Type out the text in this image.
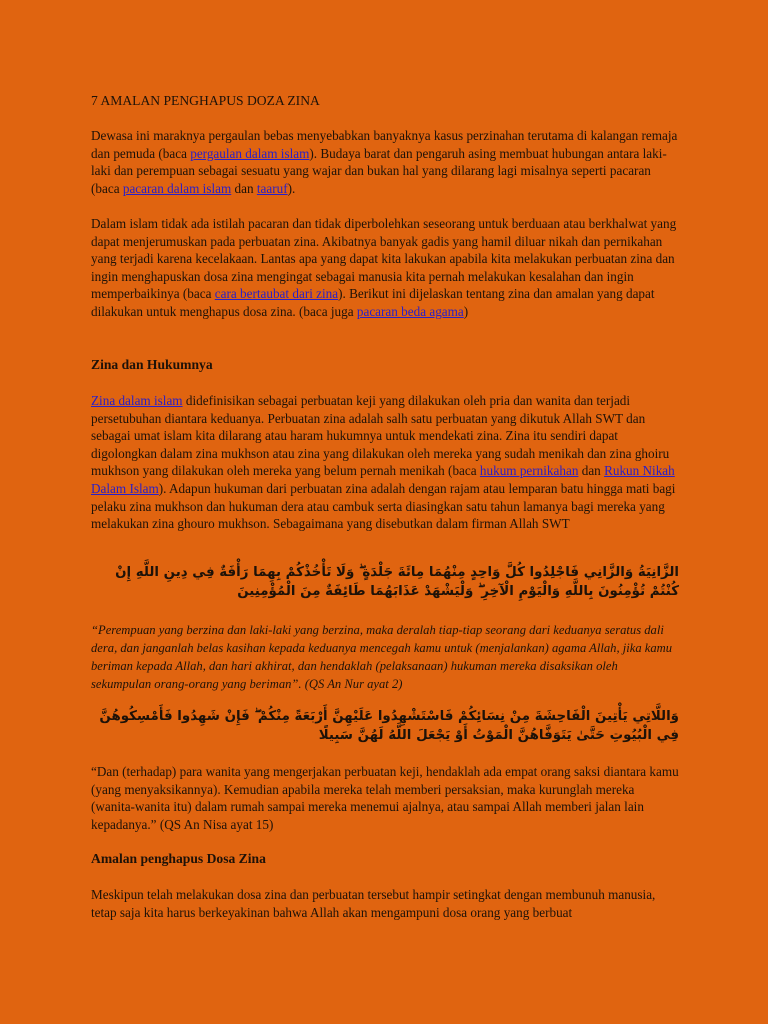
7 AMALAN PENGHAPUS DOZA ZINA
Dewasa ini maraknya pergaulan bebas menyebabkan banyaknya kasus perzinahan terutama di kalangan remaja dan pemuda (baca pergaulan dalam islam). Budaya barat dan pengaruh asing membuat hubungan antara laki-laki dan perempuan sebagai sesuatu yang wajar dan bukan hal yang dilarang lagi misalnya seperti pacaran (baca pacaran dalam islam dan taaruf).
Dalam islam tidak ada istilah pacaran dan tidak diperbolehkan seseorang untuk berduaan atau berkhalwat yang dapat menjerumuskan pada perbuatan zina. Akibatnya banyak gadis yang hamil diluar nikah dan pernikahan yang terjadi karena kecelakaan. Lantas apa yang dapat kita lakukan apabila kita melakukan perbuatan zina dan ingin menghapuskan dosa zina mengingat sebagai manusia kita pernah melakukan kesalahan dan ingin memperbaikinya (baca cara bertaubat dari zina). Berikut ini dijelaskan tentang zina dan amalan yang dapat dilakukan untuk menghapus dosa zina. (baca juga pacaran beda agama)
Zina dan Hukumnya
Zina dalam islam didefinisikan sebagai perbuatan keji yang dilakukan oleh pria dan wanita dan terjadi persetubuhan diantara keduanya. Perbuatan zina adalah salh satu perbuatan yang dikutuk Allah SWT dan sebagai umat islam kita dilarang atau haram hukumnya untuk mendekati zina. Zina itu sendiri dapat digolongkan dalam zina mukhson atau zina yang dilakukan oleh mereka yang sudah menikah dan zina ghoiru mukhson yang dilakukan oleh mereka yang belum pernah menikah (baca hukum pernikahan dan Rukun Nikah Dalam Islam). Adapun hukuman dari perbuatan zina adalah dengan rajam atau lemparan batu hingga mati bagi pelaku zina mukhson dan hukuman dera atau cambuk serta diasingkan satu tahun lamanya bagi mereka yang melakukan zina ghouro mukhson. Sebagaimana yang disebutkan dalam firman Allah SWT
الزَّانِيَةُ وَالزَّانِي فَاجْلِدُوا كُلَّ وَاحِدٍ مِنْهُمَا مِائَةَ جَلْدَةٍ ۖ وَلَا تَأْخُذْكُمْ بِهِمَا رَأْفَةٌ فِي دِينِ اللَّهِ إِنْ كُنْتُمْ تُؤْمِنُونَ بِاللَّهِ وَالْيَوْمِ الْآخِرِ ۖ وَلْيَشْهَدْ عَذَابَهُمَا طَائِفَةٌ مِنَ الْمُؤْمِنِينَ
“Perempuan yang berzina dan laki-laki yang berzina, maka deralah tiap-tiap seorang dari keduanya seratus dali dera, dan janganlah belas kasihan kepada keduanya mencegah kamu untuk (menjalankan) agama Allah, jika kamu beriman kepada Allah, dan hari akhirat, dan hendaklah (pelaksanaan) hukuman mereka disaksikan oleh sekumpulan orang-orang yang beriman”. (QS An Nur ayat 2)
وَاللَّاتِي يَأْتِينَ الْفَاحِشَةَ مِنْ نِسَائِكُمْ فَاسْتَشْهِدُوا عَلَيْهِنَّ أَرْبَعَةً مِنْكُمْ ۖ فَإِنْ شَهِدُوا فَأَمْسِكُوهُنَّ فِي الْبُيُوتِ حَتَّىٰ يَتَوَفَّاهُنَّ الْمَوْتُ أَوْ يَجْعَلَ اللَّهُ لَهُنَّ سَبِيلًا
“Dan (terhadap) para wanita yang mengerjakan perbuatan keji, hendaklah ada empat orang saksi diantara kamu (yang menyaksikannya). Kemudian apabila mereka telah memberi persaksian, maka kurunglah mereka (wanita-wanita itu) dalam rumah sampai mereka menemui ajalnya, atau sampai Allah memberi jalan lain kepadanya.” (QS An Nisa ayat 15)
Amalan penghapus Dosa Zina
Meskipun telah melakukan dosa zina dan perbuatan tersebut hampir setingkat dengan membunuh manusia, tetap saja kita harus berkeyakinan bahwa Allah akan mengampuni dosa orang yang berbuat
